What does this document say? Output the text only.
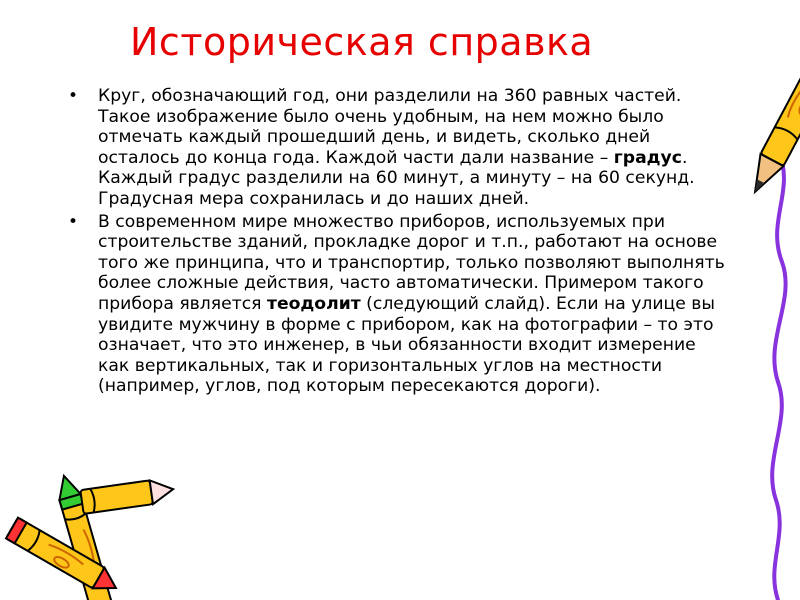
Историческая справка
• Круг, обозначающий год, они разделили на 360 равных частей. Такое изображение было очень удобным, на нем можно было отмечать каждый прошедший день, и видеть, сколько дней осталось до конца года. Каждой части дали название – градус. Каждый градус разделили на 60 минут, а минуту – на 60 секунд. Градусная мера сохранилась и до наших дней.
• В современном мире множество приборов, используемых при строительстве зданий, прокладке дорог и т.п., работают на основе того же принципа, что и транспортир, только позволяют выполнять более сложные действия, часто автоматически. Примером такого прибора является теодолит (следующий слайд). Если на улице вы увидите мужчину в форме с прибором, как на фотографии – то это означает, что это инженер, в чьи обязанности входит измерение как вертикальных, так и горизонтальных углов на местности (например, углов, под которым пересекаются дороги).
